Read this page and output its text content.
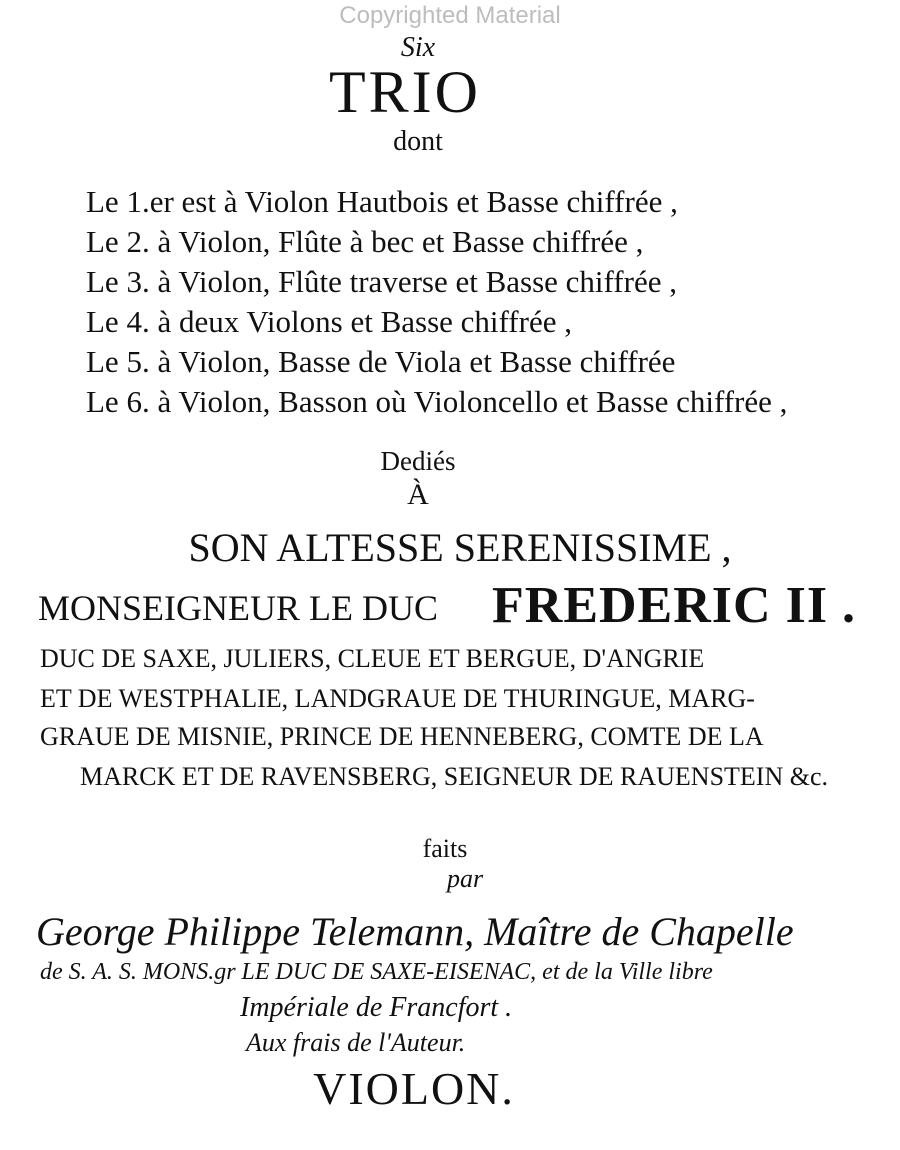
Copyrighted Material
Six
TRIO
dont
Le 1.er est à Violon Hautbois et Basse chiffrée ,
Le 2. à Violon, Flûte à bec et Basse chiffrée ,
Le 3. à Violon, Flûte traverse et Basse chiffrée ,
Le 4. à deux Violons et Basse chiffrée ,
Le 5. à Violon, Basse de Viola et Basse chiffrée
Le 6. à Violon, Basson où Violoncello et Basse chiffrée ,
Dediés
À
SON ALTESSE SERENISSIME ,
MONSEIGNEUR LE DUC FREDERIC II .
DUC DE SAXE, JULIERS, CLEUE ET BERGUE, D'ANGRIE
ET DE WESTPHALIE, LANDGRAUE DE THURINGUE, MARG-
GRAUE DE MISNIE, PRINCE DE HENNEBERG, COMTE DE LA
MARCK ET DE RAVENSBERG, SEIGNEUR DE RAUENSTEIN &c.
faits
par
George Philippe Telemann, Maître de Chapelle
de S. A. S. MONS.gr LE DUC DE SAXE-EISENAC, et de la Ville libre
Impériale de Francfort .
Aux frais de l'Auteur.
VIOLON.
